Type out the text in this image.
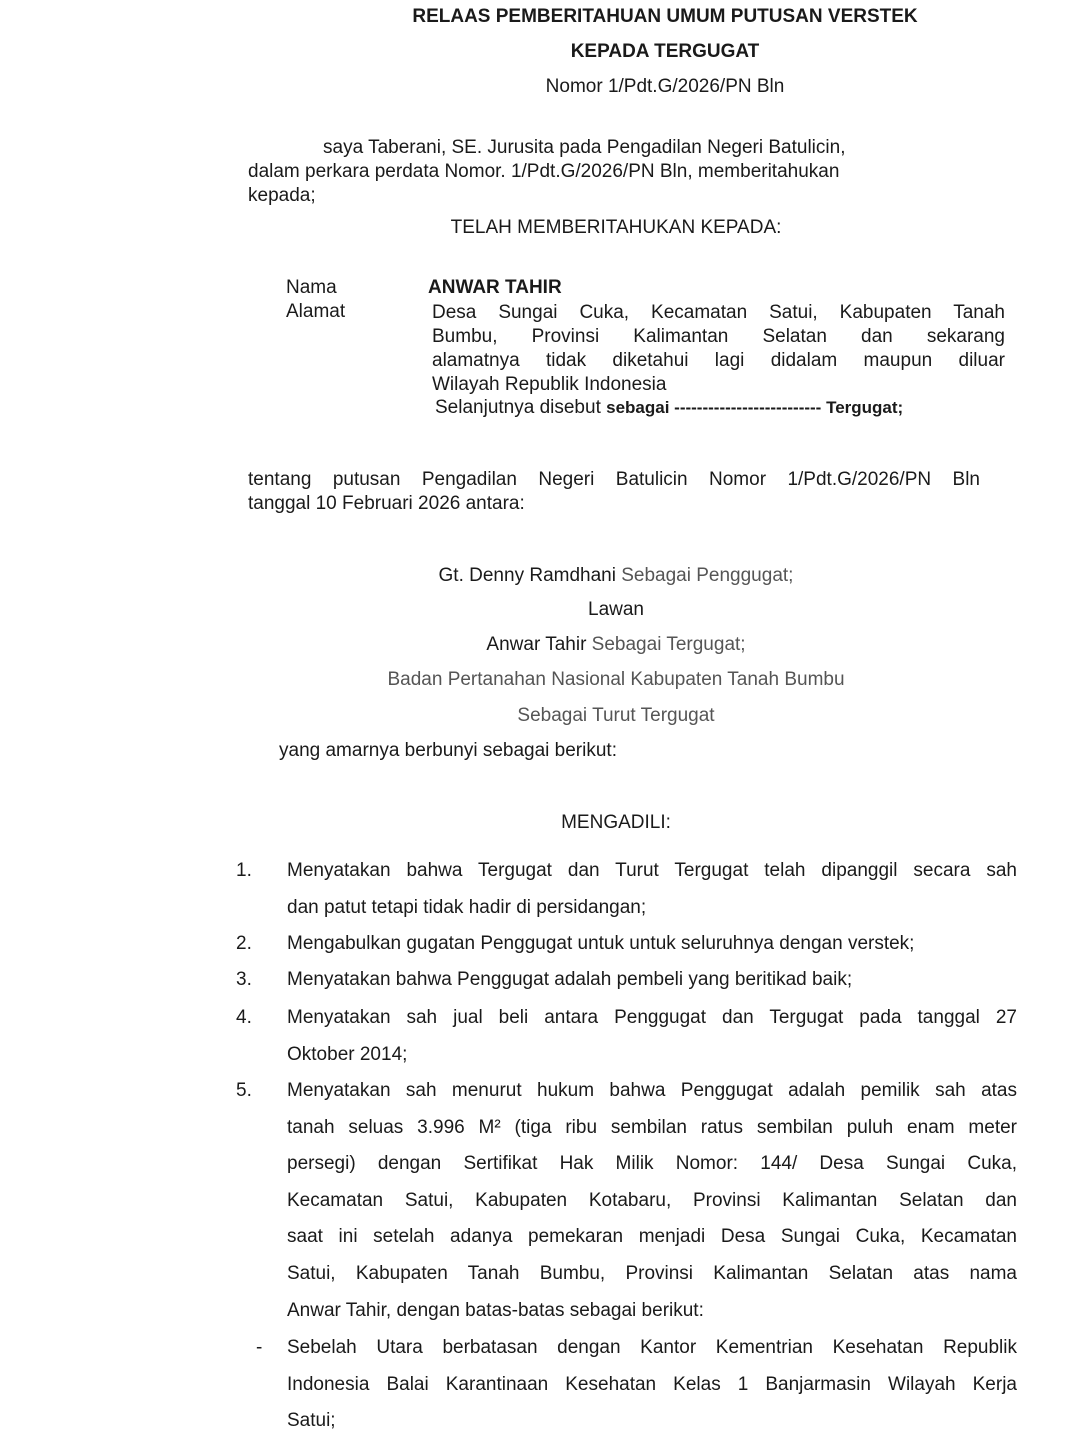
RELAAS PEMBERITAHUAN UMUM PUTUSAN VERSTEK
KEPADA TERGUGAT
Nomor 1/Pdt.G/2026/PN Bln
saya Taberani, SE. Jurusita pada Pengadilan Negeri Batulicin,
dalam perkara perdata Nomor. 1/Pdt.G/2026/PN Bln, memberitahukan
kepada;
TELAH MEMBERITAHUKAN KEPADA:
Nama	ANWAR TAHIR
Alamat	Desa Sungai Cuka, Kecamatan Satui, Kabupaten Tanah
Bumbu, Provinsi Kalimantan Selatan dan sekarang
alamatnya tidak diketahui lagi didalam maupun diluar
Wilayah Republik Indonesia
Selanjutnya disebut sebagai -------------------------- Tergugat;
tentang putusan Pengadilan Negeri Batulicin Nomor 1/Pdt.G/2026/PN Bln
tanggal 10 Februari 2026 antara:
Gt. Denny Ramdhani Sebagai Penggugat;
Lawan
Anwar Tahir Sebagai Tergugat;
Badan Pertanahan Nasional Kabupaten Tanah Bumbu
Sebagai Turut Tergugat
yang amarnya berbunyi sebagai berikut:
MENGADILI:
1. Menyatakan bahwa Tergugat dan Turut Tergugat telah dipanggil secara sah
dan patut tetapi tidak hadir di persidangan;
2. Mengabulkan gugatan Penggugat untuk untuk seluruhnya dengan verstek;
3. Menyatakan bahwa Penggugat adalah pembeli yang beritikad baik;
4. Menyatakan sah jual beli antara Penggugat dan Tergugat pada tanggal 27
Oktober 2014;
5. Menyatakan sah menurut hukum bahwa Penggugat adalah pemilik sah atas
tanah seluas 3.996 M² (tiga ribu sembilan ratus sembilan puluh enam meter
persegi) dengan Sertifikat Hak Milik Nomor: 144/ Desa Sungai Cuka,
Kecamatan Satui, Kabupaten Kotabaru, Provinsi Kalimantan Selatan dan
saat ini setelah adanya pemekaran menjadi Desa Sungai Cuka, Kecamatan
Satui, Kabupaten Tanah Bumbu, Provinsi Kalimantan Selatan atas nama
Anwar Tahir, dengan batas-batas sebagai berikut:
- Sebelah Utara berbatasan dengan Kantor Kementrian Kesehatan Republik
Indonesia Balai Karantinaan Kesehatan Kelas 1 Banjarmasin Wilayah Kerja
Satui;
